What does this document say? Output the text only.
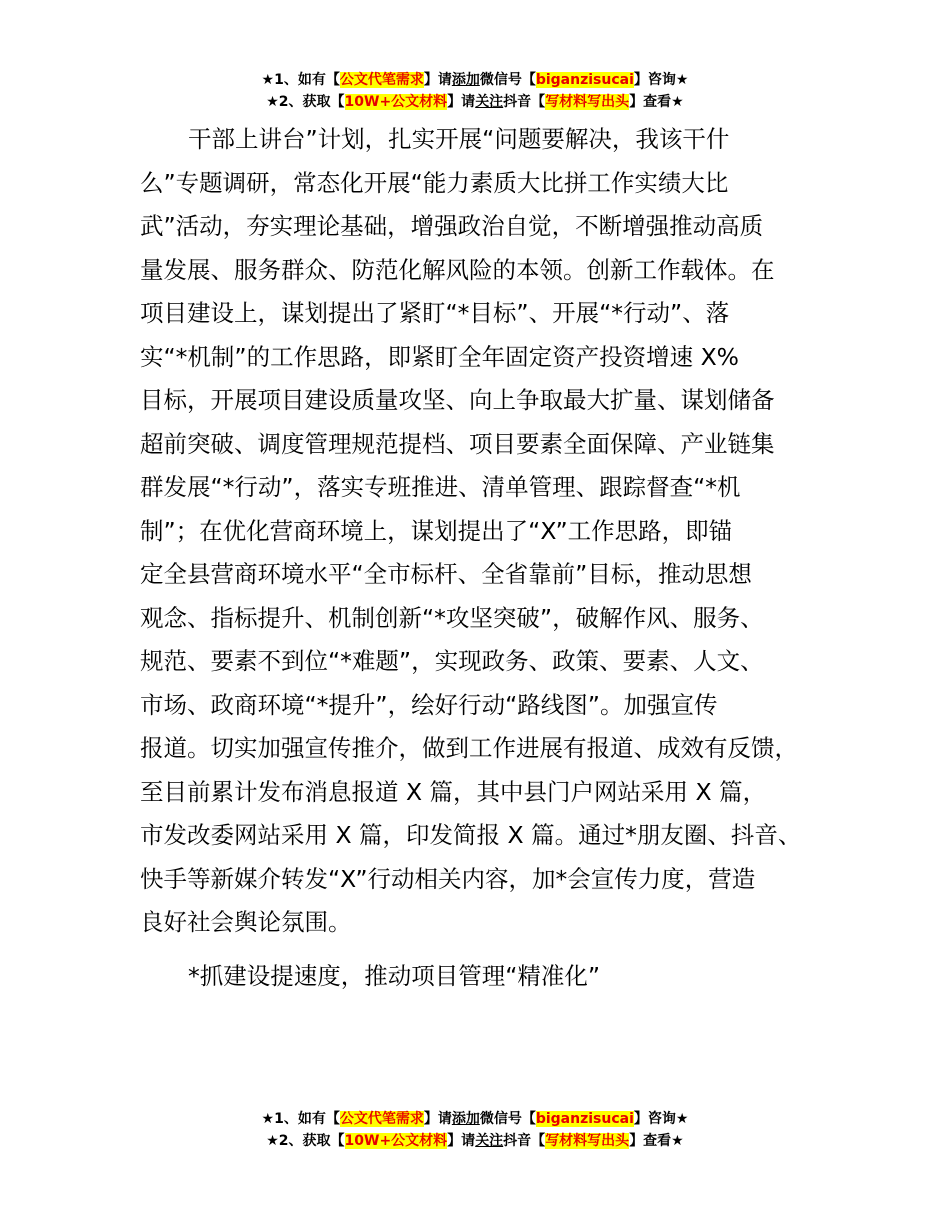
★1、如有【公文代笔需求】请添加微信号【biganzisucai】咨询★
★2、获取【10W+公文材料】请关注抖音【写材料写出头】查看★

干部上讲台”计划，扎实开展“问题要解决，我该干什
么”专题调研，常态化开展“能力素质大比拼工作实绩大比
武”活动，夯实理论基础，增强政治自觉，不断增强推动高质
量发展、服务群众、防范化解风险的本领。创新工作载体。在
项目建设上，谋划提出了紧盯“*目标”、开展“*行动”、落
实“*机制”的工作思路，即紧盯全年固定资产投资增速 X%
目标，开展项目建设质量攻坚、向上争取最大扩量、谋划储备
超前突破、调度管理规范提档、项目要素全面保障、产业链集
群发展“*行动”，落实专班推进、清单管理、跟踪督查“*机
制”；在优化营商环境上，谋划提出了“X”工作思路，即锚
定全县营商环境水平“全市标杆、全省靠前”目标，推动思想
观念、指标提升、机制创新“*攻坚突破”，破解作风、服务、
规范、要素不到位“*难题”，实现政务、政策、要素、人文、
市场、政商环境“*提升”，绘好行动“路线图”。加强宣传
报道。切实加强宣传推介，做到工作进展有报道、成效有反馈，
至目前累计发布消息报道 X 篇，其中县门户网站采用 X 篇，
市发改委网站采用 X 篇，印发简报 X 篇。通过*朋友圈、抖音、
快手等新媒介转发“X”行动相关内容，加*会宣传力度，营造
良好社会舆论氛围。

*抓建设提速度，推动项目管理“精准化”
★1、如有【公文代笔需求】请添加微信号【biganzisucai】咨询★
★2、获取【10W+公文材料】请关注抖音【写材料写出头】查看★
